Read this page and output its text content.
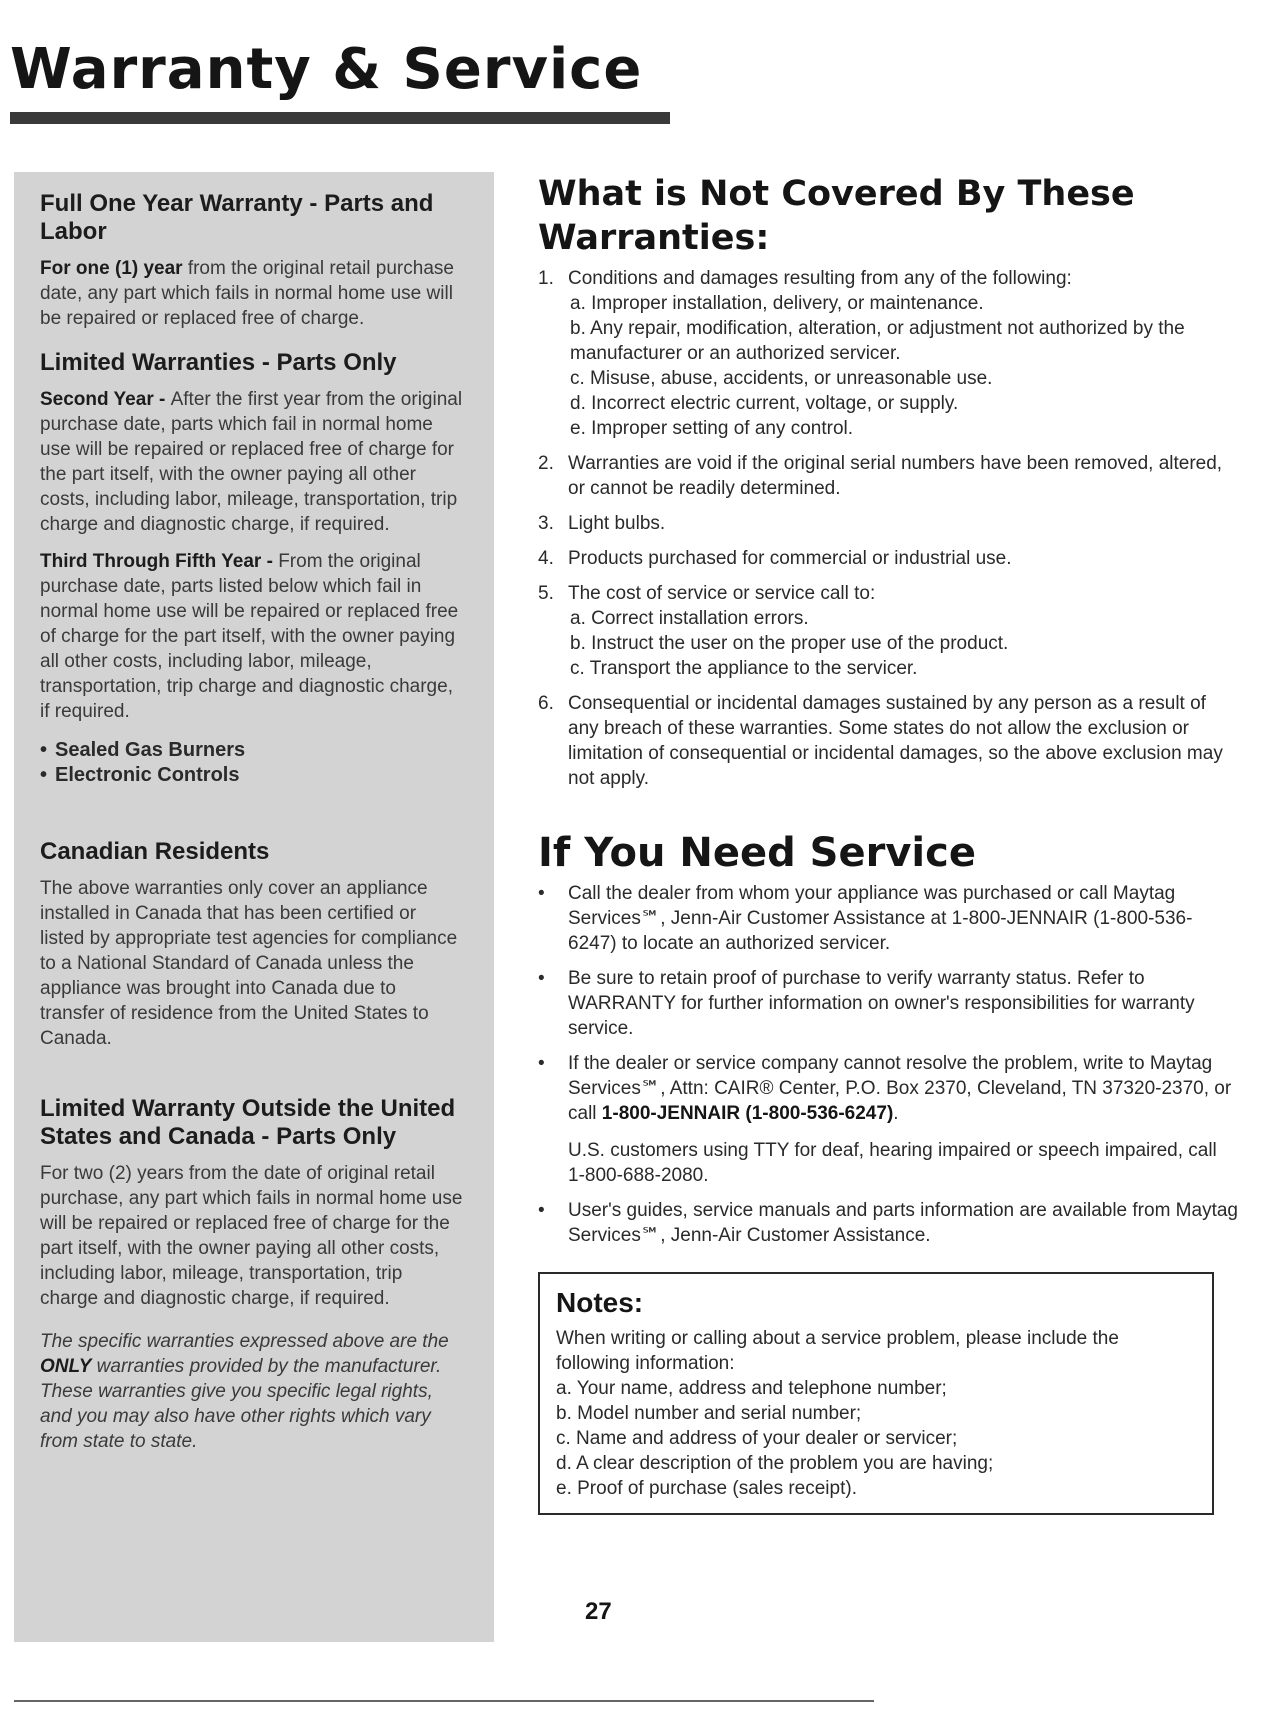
Warranty & Service
Full One Year Warranty - Parts and Labor

For one (1) year from the original retail purchase date, any part which fails in normal home use will be repaired or replaced free of charge.

Limited Warranties - Parts Only

Second Year - After the first year from the original purchase date, parts which fail in normal home use will be repaired or replaced free of charge for the part itself, with the owner paying all other costs, including labor, mileage, transportation, trip charge and diagnostic charge, if required.

Third Through Fifth Year - From the original purchase date, parts listed below which fail in normal home use will be repaired or replaced free of charge for the part itself, with the owner paying all other costs, including labor, mileage, transportation, trip charge and diagnostic charge, if required.

• Sealed Gas Burners
• Electronic Controls
Canadian Residents

The above warranties only cover an appliance installed in Canada that has been certified or listed by appropriate test agencies for compliance to a National Standard of Canada unless the appliance was brought into Canada due to transfer of residence from the United States to Canada.

Limited Warranty Outside the United States and Canada - Parts Only

For two (2) years from the date of original retail purchase, any part which fails in normal home use will be repaired or replaced free of charge for the part itself, with the owner paying all other costs, including labor, mileage, transportation, trip charge and diagnostic charge, if required.

The specific warranties expressed above are the ONLY warranties provided by the manufacturer. These warranties give you specific legal rights, and you may also have other rights which vary from state to state.

What is Not Covered By These Warranties:
1. Conditions and damages resulting from any of the following:
a. Improper installation, delivery, or maintenance.
b. Any repair, modification, alteration, or adjustment not authorized by the manufacturer or an authorized servicer.
c. Misuse, abuse, accidents, or unreasonable use.
d. Incorrect electric current, voltage, or supply.
e. Improper setting of any control.
2. Warranties are void if the original serial numbers have been removed, altered, or cannot be readily determined.
3. Light bulbs.
4. Products purchased for commercial or industrial use.
5. The cost of service or service call to:
a. Correct installation errors.
b. Instruct the user on the proper use of the product.
c. Transport the appliance to the servicer.
6. Consequential or incidental damages sustained by any person as a result of any breach of these warranties. Some states do not allow the exclusion or limitation of consequential or incidental damages, so the above exclusion may not apply.
If You Need Service
•	Call the dealer from whom your appliance was purchased or call Maytag Services℠, Jenn-Air Customer Assistance at 1-800-JENNAIR (1-800-536-6247) to locate an authorized servicer.
•	Be sure to retain proof of purchase to verify warranty status. Refer to WARRANTY for further information on owner's responsibilities for warranty service.
•	If the dealer or service company cannot resolve the problem, write to Maytag Services℠, Attn: CAIR® Center, P.O. Box 2370, Cleveland, TN 37320-2370, or call 1-800-JENNAIR (1-800-536-6247).
U.S. customers using TTY for deaf, hearing impaired or speech impaired, call 1-800-688-2080.
•	User's guides, service manuals and parts information are available from Maytag Services℠, Jenn-Air Customer Assistance.
Notes:
When writing or calling about a service problem, please include the following information:
a. Your name, address and telephone number;
b. Model number and serial number;
c. Name and address of your dealer or servicer;
d. A clear description of the problem you are having;
e. Proof of purchase (sales receipt).
27
